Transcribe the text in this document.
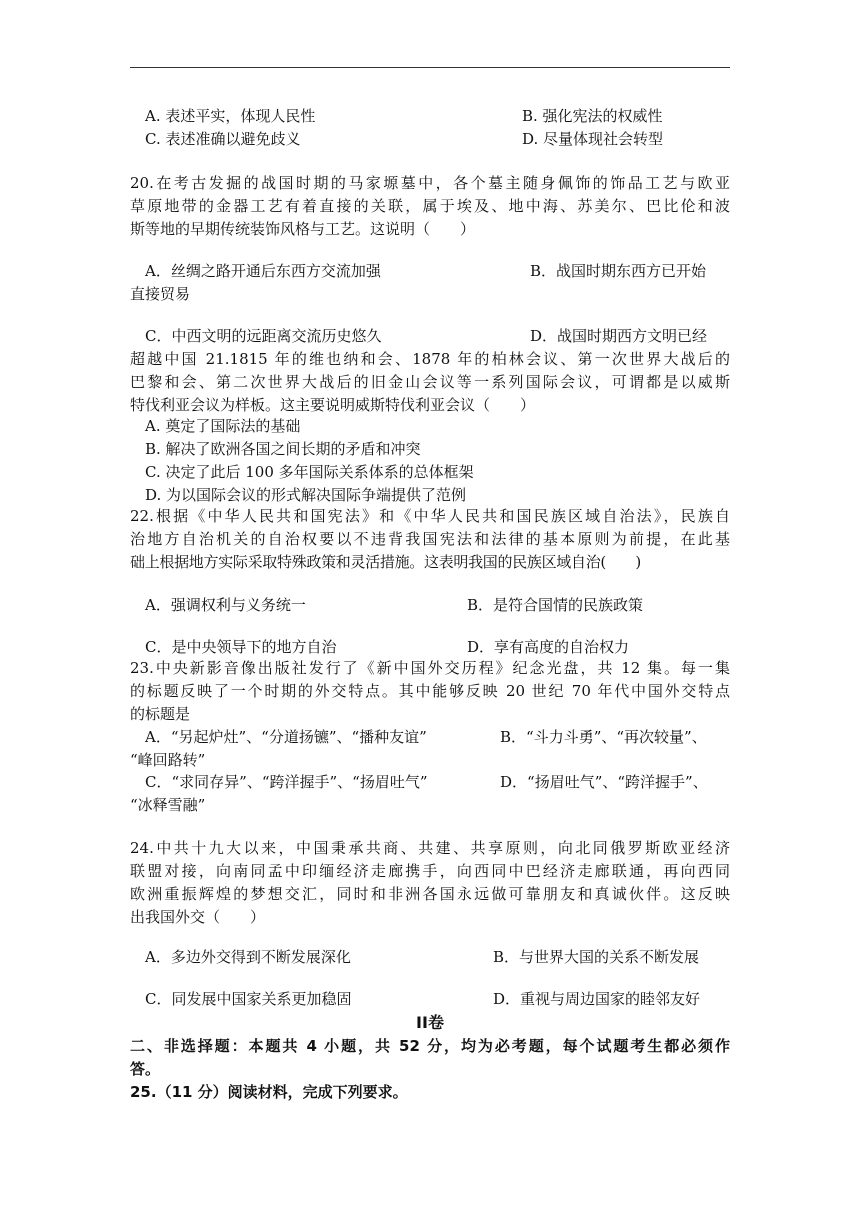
A. 表述平实，体现人民性	B. 强化宪法的权威性
C. 表述准确以避免歧义	D. 尽量体现社会转型
20.在考古发掘的战国时期的马家塬墓中，各个墓主随身佩饰的饰品工艺与欧亚
草原地带的金器工艺有着直接的关联，属于埃及、地中海、苏美尔、巴比伦和波
斯等地的早期传统装饰风格与工艺。这说明（　　）
A．丝绸之路开通后东西方交流加强	B．战国时期东西方已开始
直接贸易
C．中西文明的远距离交流历史悠久	D．战国时期西方文明已经
超越中国 21.1815 年的维也纳和会、1878 年的柏林会议、第一次世界大战后的
巴黎和会、第二次世界大战后的旧金山会议等一系列国际会议，可谓都是以威斯
特伐利亚会议为样板。这主要说明威斯特伐利亚会议（　　）
A. 奠定了国际法的基础
B. 解决了欧洲各国之间长期的矛盾和冲突
C. 决定了此后 100 多年国际关系体系的总体框架
D. 为以国际会议的形式解决国际争端提供了范例
22.根据《中华人民共和国宪法》和《中华人民共和国民族区域自治法》，民族自
治地方自治机关的自治权要以不违背我国宪法和法律的基本原则为前提，在此基
础上根据地方实际采取特殊政策和灵活措施。这表明我国的民族区域自治(　　)
A．强调权利与义务统一	B．是符合国情的民族政策
C．是中央领导下的地方自治	D．享有高度的自治权力
23.中央新影音像出版社发行了《新中国外交历程》纪念光盘，共 12 集。每一集
的标题反映了一个时期的外交特点。其中能够反映 20 世纪 70 年代中国外交特点
的标题是
A．“另起炉灶”、“分道扬镳”、“播种友谊”	B．“斗力斗勇”、“再次较量”、
“峰回路转”
C．“求同存异”、“跨洋握手”、“扬眉吐气”	D．“扬眉吐气”、“跨洋握手”、
“冰释雪融”
24.中共十九大以来，中国秉承共商、共建、共享原则，向北同俄罗斯欧亚经济
联盟对接，向南同孟中印缅经济走廊携手，向西同中巴经济走廊联通，再向西同
欧洲重振辉煌的梦想交汇，同时和非洲各国永远做可靠朋友和真诚伙伴。这反映
出我国外交（　　）
A．多边外交得到不断发展深化	B．与世界大国的关系不断发展
C．同发展中国家关系更加稳固	D．重视与周边国家的睦邻友好
II卷
二、非选择题：本题共 4 小题，共 52 分，均为必考题，每个试题考生都必须作
答。
25.（11 分）阅读材料，完成下列要求。
